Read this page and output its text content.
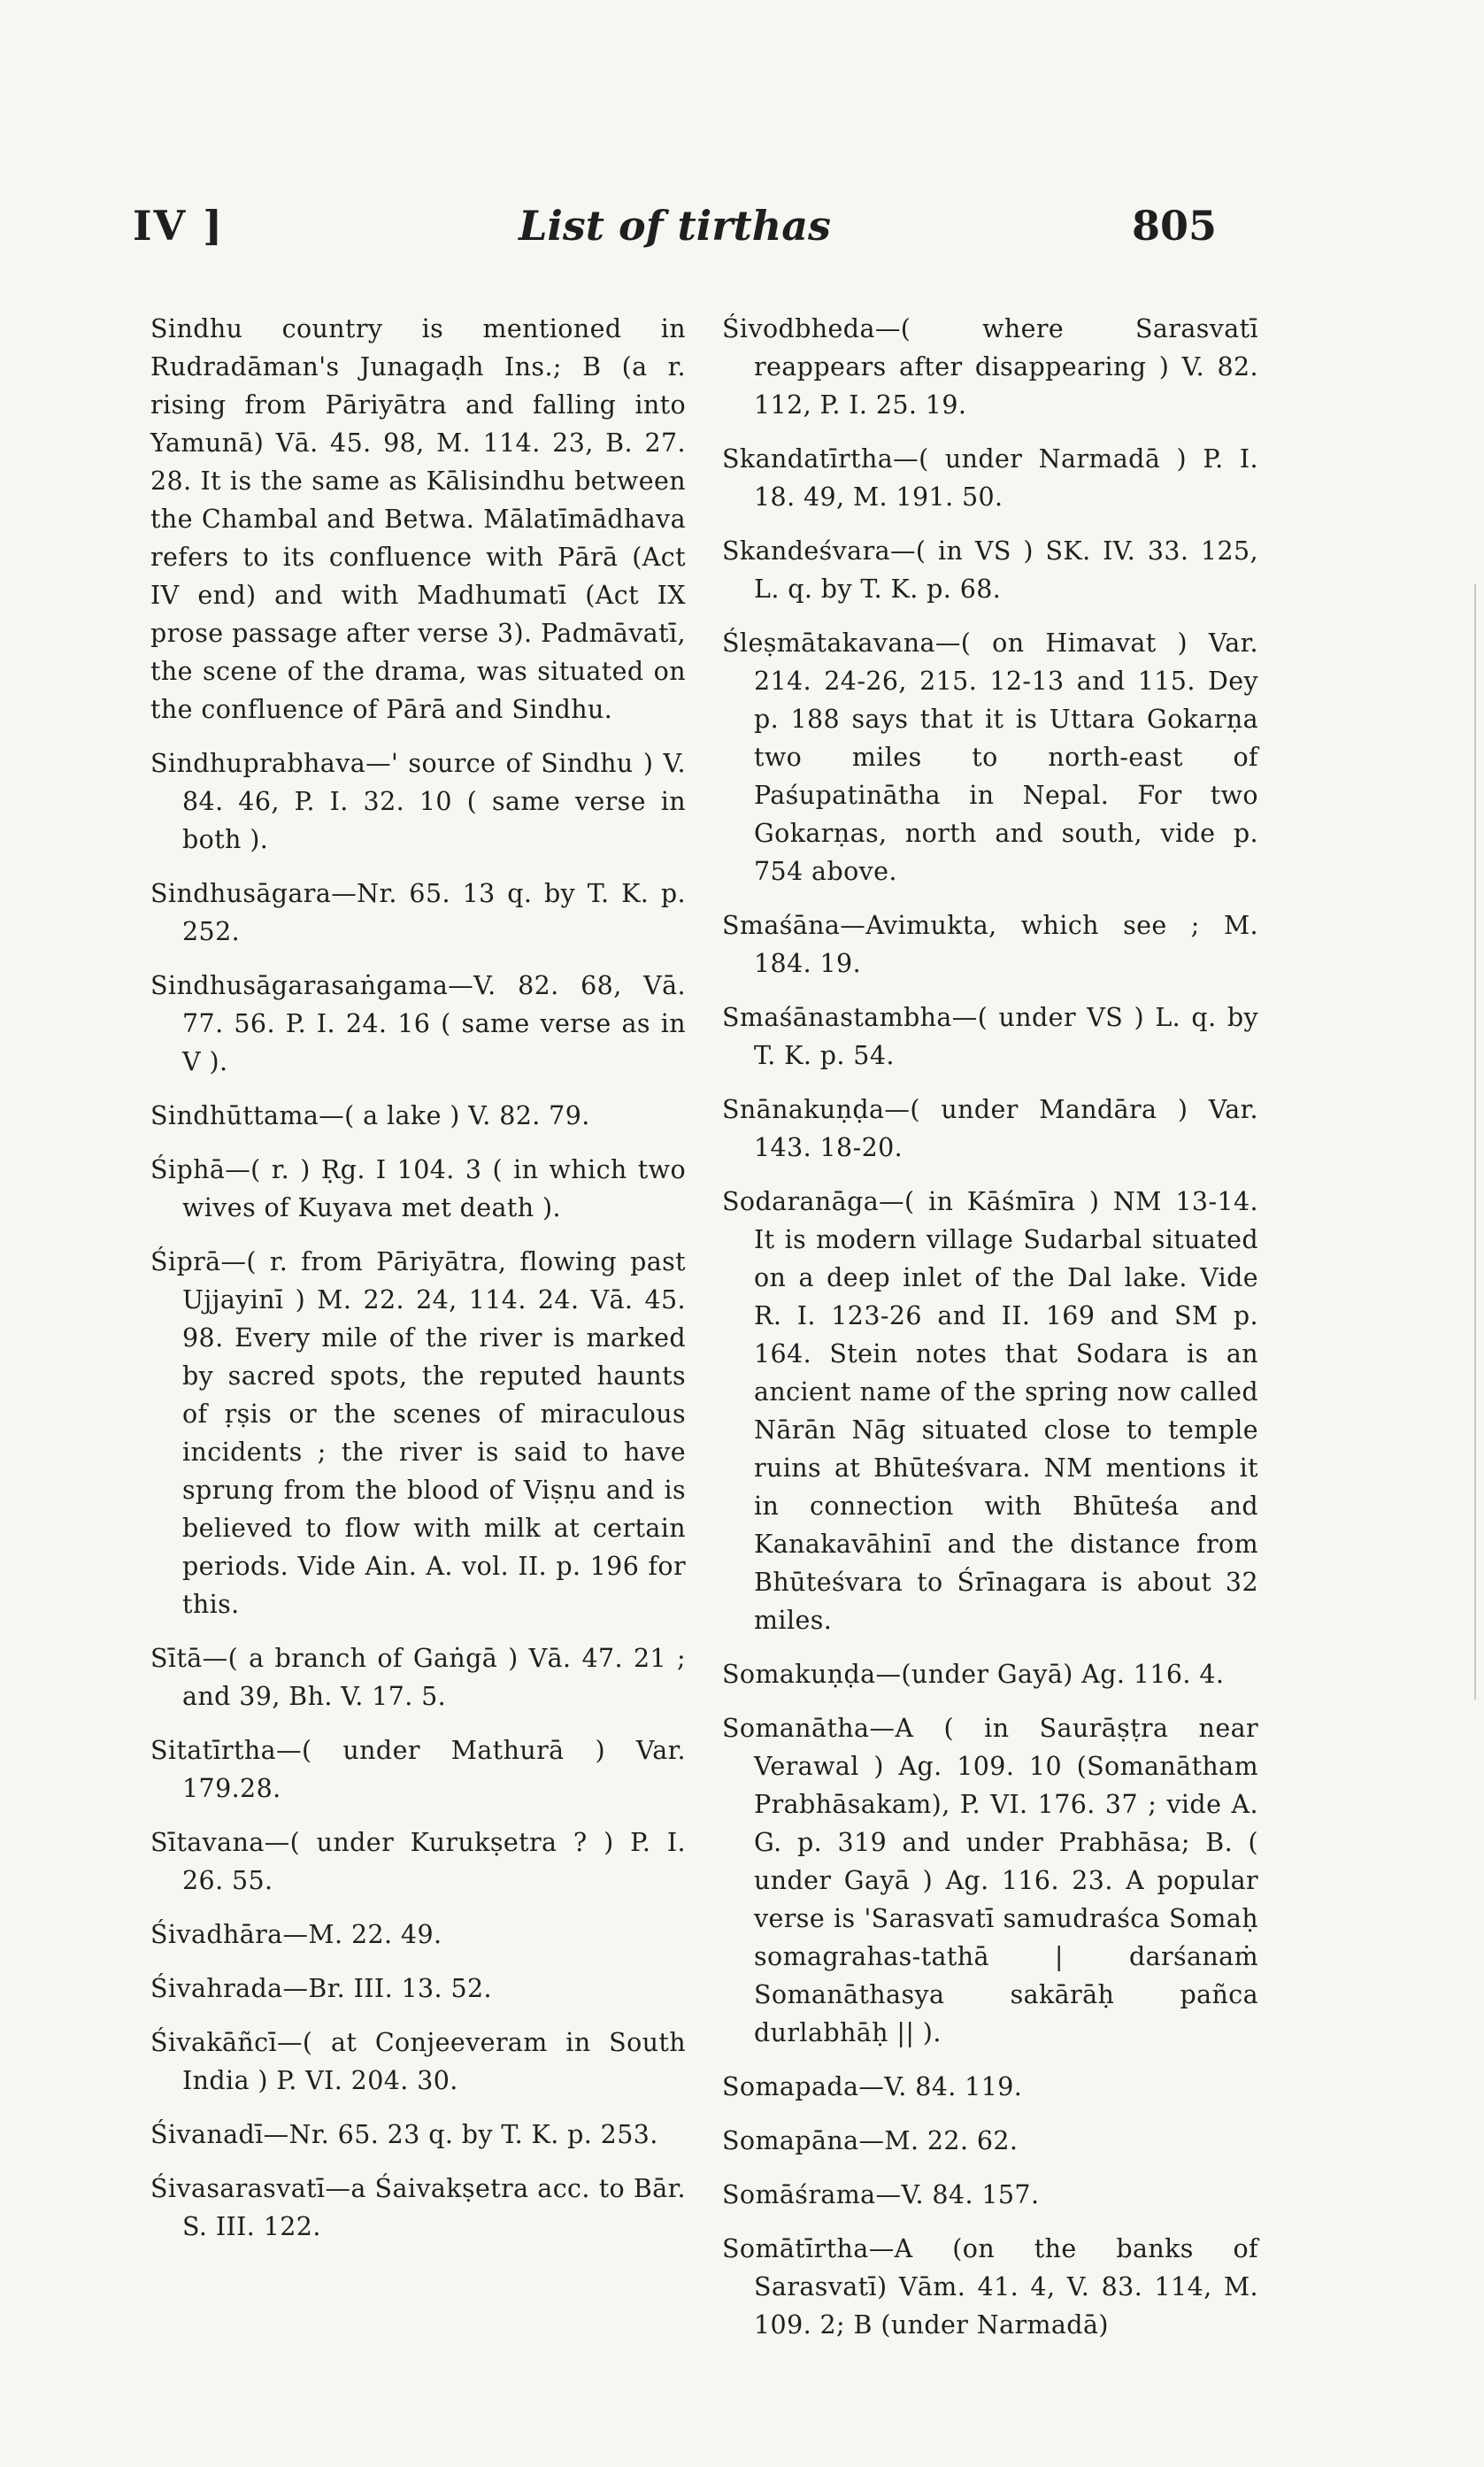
IV ]	List of tirthas	805

Sindhu country is mentioned in Rudradāman's Junagaḍh Ins.; B (a r. rising from Pāriyātra and falling into Yamunā) Vā. 45. 98, M. 114. 23, B. 27. 28. It is the same as Kālisindhu between the Chambal and Betwa. Mālatīmādhava refers to its confluence with Pārā (Act IV end) and with Madhumatī (Act IX prose passage after verse 3). Padmāvatī, the scene of the drama, was situated on the confluence of Pārā and Sindhu.

Sindhuprabhava—' source of Sindhu ) V. 84. 46, P. I. 32. 10 ( same verse in both ).

Sindhusāgara—Nr. 65. 13 q. by T. K. p. 252.

Sindhusāgarasaṅgama—V. 82. 68, Vā. 77. 56. P. I. 24. 16 ( same verse as in V ).

Sindhūttama—( a lake ) V. 82. 79.

Śiphā—( r. ) Ṛg. I 104. 3 ( in which two wives of Kuyava met death ).

Śiprā—( r. from Pāriyātra, flowing past Ujjayinī ) M. 22. 24, 114. 24. Vā. 45. 98. Every mile of the river is marked by sacred spots, the reputed haunts of ṛṣis or the scenes of miraculous incidents ; the river is said to have sprung from the blood of Viṣṇu and is believed to flow with milk at certain periods. Vide Ain. A. vol. II. p. 196 for this.

Sītā—( a branch of Gaṅgā ) Vā. 47. 21 ; and 39, Bh. V. 17. 5.

Sitatīrtha—( under Mathurā ) Var. 179.28.

Sītavana—( under Kurukṣetra ? ) P. I. 26. 55.

Śivadhāra—M. 22. 49.

Śivahrada—Br. III. 13. 52.

Śivakāñcī—( at Conjeeveram in South India ) P. VI. 204. 30.

Śivanadī—Nr. 65. 23 q. by T. K. p. 253.

Śivasarasvatī—a Śaivakṣetra acc. to Bār. S. III. 122.

Śivodbheda—( where Sarasvatī reappears after disappearing ) V. 82. 112, P. I. 25. 19.

Skandatīrtha—( under Narmadā ) P. I. 18. 49, M. 191. 50.

Skandeśvara—( in VS ) SK. IV. 33. 125, L. q. by T. K. p. 68.

Śleṣmātakavana—( on Himavat ) Var. 214. 24-26, 215. 12-13 and 115. Dey p. 188 says that it is Uttara Gokarṇa two miles to north-east of Paśupatinātha in Nepal. For two Gokarṇas, north and south, vide p. 754 above.

Smaśāna—Avimukta, which see ; M. 184. 19.

Smaśānastambha—( under VS ) L. q. by T. K. p. 54.

Snānakuṇḍa—( under Mandāra ) Var. 143. 18-20.

Sodaranāga—( in Kāśmīra ) NM 13-14. It is modern village Sudarbal situated on a deep inlet of the Dal lake. Vide R. I. 123-26 and II. 169 and SM p. 164. Stein notes that Sodara is an ancient name of the spring now called Nārān Nāg situated close to temple ruins at Bhūteśvara. NM mentions it in connection with Bhūteśa and Kanakavāhinī and the distance from Bhūteśvara to Śrīnagara is about 32 miles.

Somakuṇḍa—(under Gayā) Ag. 116. 4.

Somanātha—A ( in Saurāṣṭra near Verawal ) Ag. 109. 10 (Somanātham Prabhāsakam), P. VI. 176. 37 ; vide A. G. p. 319 and under Prabhāsa; B. ( under Gayā ) Ag. 116. 23. A popular verse is 'Sarasvatī samudraśca Somaḥ somagrahas-tathā | darśanaṁ Somanāthasya sakārāḥ pañca durlabhāḥ || ).

Somapada—V. 84. 119.

Somapāna—M. 22. 62.

Somāśrama—V. 84. 157.

Somātīrtha—A (on the banks of Sarasvatī) Vām. 41. 4, V. 83. 114, M. 109. 2; B (under Narmadā)
